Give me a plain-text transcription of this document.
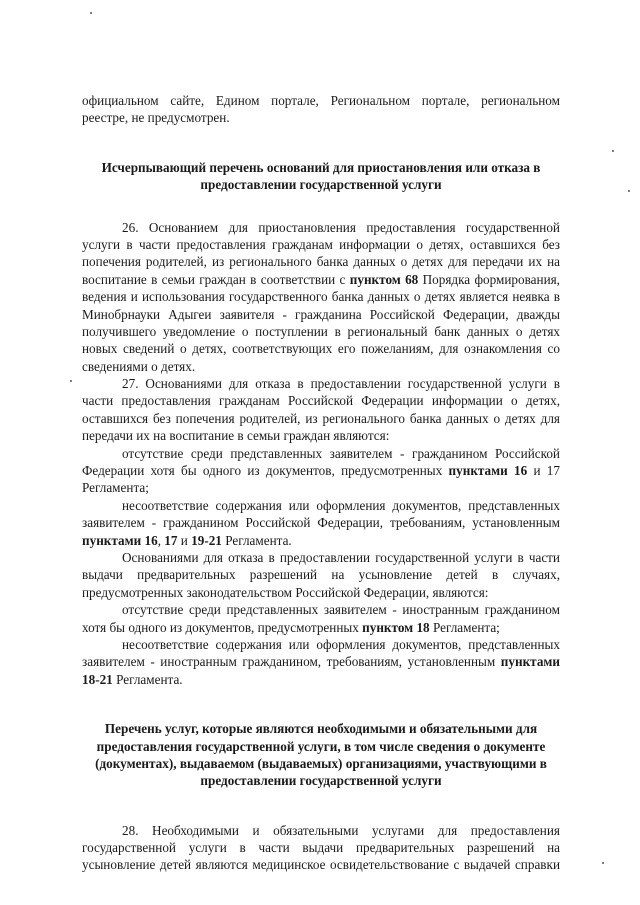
официальном сайте, Едином портале, Региональном портале, региональном
реестре, не предусмотрен.
Исчерпывающий перечень оснований для приостановления или отказа в
предоставлении государственной услуги
26. Основанием для приостановления предоставления государственной
услуги в части предоставления гражданам информации о детях, оставшихся без
попечения родителей, из регионального банка данных о детях для передачи их на
воспитание в семьи граждан в соответствии с пунктом 68 Порядка формирования,
ведения и использования государственного банка данных о детях является неявка в
Минобрнауки Адыгеи заявителя - гражданина Российской Федерации, дважды
получившего уведомление о поступлении в региональный банк данных о детях
новых сведений о детях, соответствующих его пожеланиям, для ознакомления со
сведениями о детях.
27. Основаниями для отказа в предоставлении государственной услуги в
части предоставления гражданам Российской Федерации информации о детях,
оставшихся без попечения родителей, из регионального банка данных о детях для
передачи их на воспитание в семьи граждан являются:
отсутствие среди представленных заявителем - гражданином Российской
Федерации хотя бы одного из документов, предусмотренных пунктами 16 и 17
Регламента;
несоответствие содержания или оформления документов, представленных
заявителем - гражданином Российской Федерации, требованиям, установленным
пунктами 16, 17 и 19-21 Регламента.
Основаниями для отказа в предоставлении государственной услуги в части
выдачи предварительных разрешений на усыновление детей в случаях,
предусмотренных законодательством Российской Федерации, являются:
отсутствие среди представленных заявителем - иностранным гражданином
хотя бы одного из документов, предусмотренных пунктом 18 Регламента;
несоответствие содержания или оформления документов, представленных
заявителем - иностранным гражданином, требованиям, установленным пунктами
18-21 Регламента.
Перечень услуг, которые являются необходимыми и обязательными для
предоставления государственной услуги, в том числе сведения о документе
(документах), выдаваемом (выдаваемых) организациями, участвующими в
предоставлении государственной услуги
28. Необходимыми и обязательными услугами для предоставления
государственной услуги в части выдачи предварительных разрешений на
усыновление детей являются медицинское освидетельствование с выдачей справки
